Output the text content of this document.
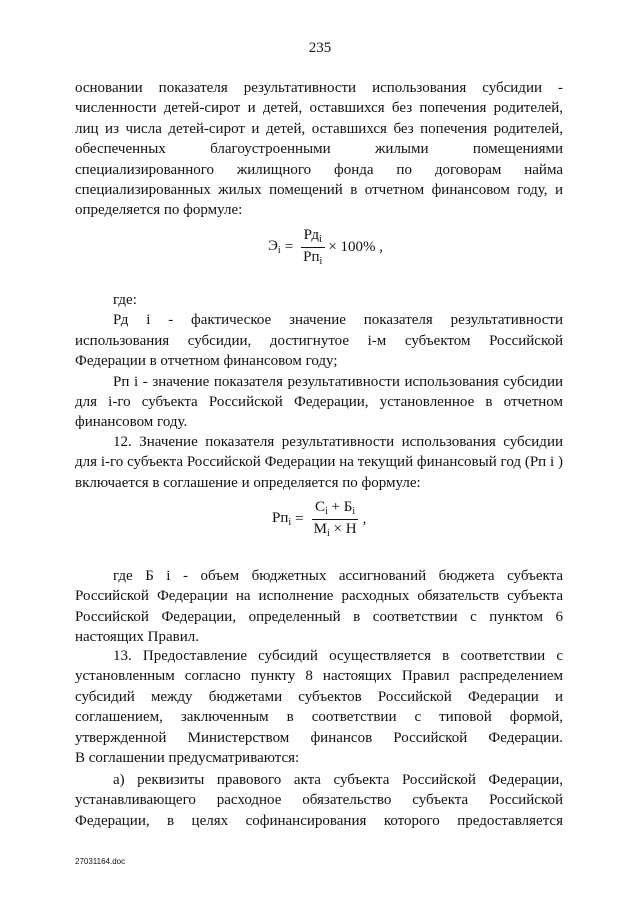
235
основании показателя результативности использования субсидии -
численности детей-сирот и детей, оставшихся без попечения родителей,
лиц из числа детей-сирот и детей, оставшихся без попечения родителей,
обеспеченных благоустроенными жилыми помещениями
специализированного жилищного фонда по договорам найма
специализированных жилых помещений в отчетном финансовом году, и
определяется по формуле:
$Э_i = \frac{Рд_i}{Рп_i} \times 100\%$ ,
где:
Рд i - фактическое значение показателя результативности
использования субсидии, достигнутое i-м субъектом Российской
Федерации в отчетном финансовом году;
Рп i - значение показателя результативности использования субсидии
для i-го субъекта Российской Федерации, установленное в отчетном
финансовом году.
12. Значение показателя результативности использования субсидии
для i-го субъекта Российской Федерации на текущий финансовый год (Рп i )
включается в соглашение и определяется по формуле:
$Рп_i = \frac{С_i + Б_i}{М_i \times Н}$ ,
где Б i - объем бюджетных ассигнований бюджета субъекта
Российской Федерации на исполнение расходных обязательств субъекта
Российской Федерации, определенный в соответствии с пунктом 6
настоящих Правил.
13. Предоставление субсидий осуществляется в соответствии с
установленным согласно пункту 8 настоящих Правил распределением
субсидий между бюджетами субъектов Российской Федерации и
соглашением, заключенным в соответствии с типовой формой,
утвержденной Министерством финансов Российской Федерации.
В соглашении предусматриваются:
а) реквизиты правового акта субъекта Российской Федерации,
устанавливающего расходное обязательство субъекта Российской
Федерации, в целях софинансирования которого предоставляется
27031164.doc
